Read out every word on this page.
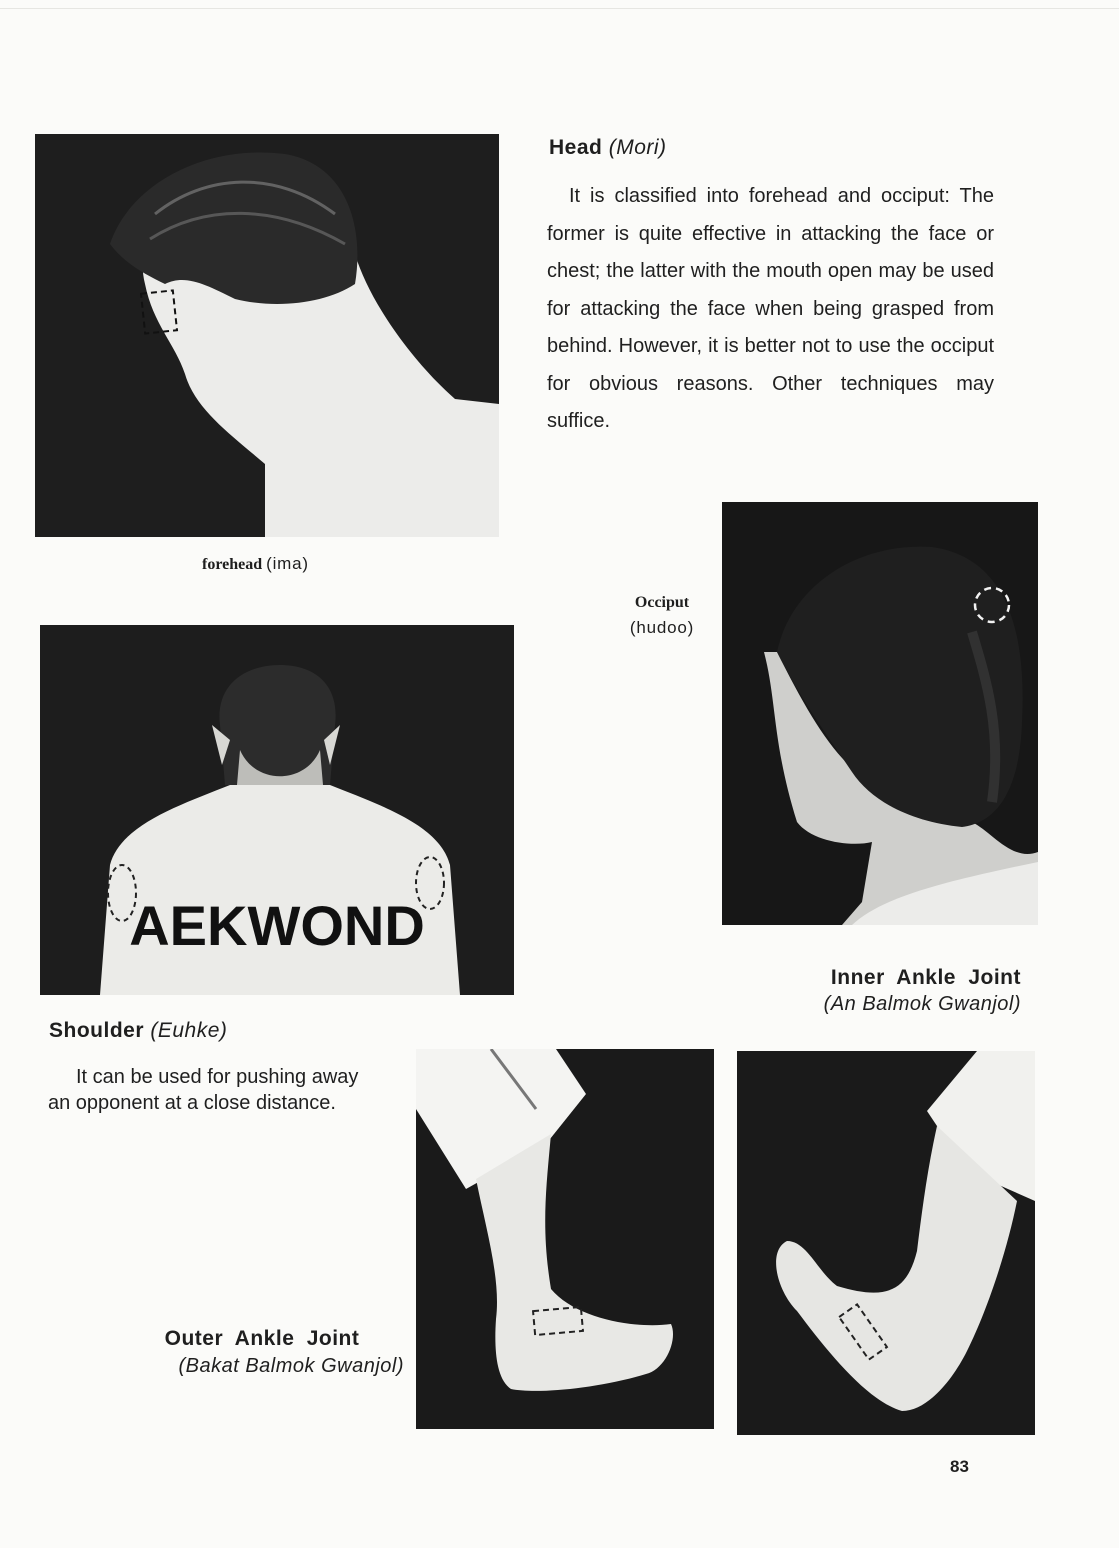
forehead (ima)
Head (Mori)

It is classified into forehead and occiput: The former is quite effective in attacking the face or chest; the latter with the mouth open may be used for attacking the face when being grasped from behind. However, it is better not to use the occiput for obvious reasons. Other techniques may suffice.

AEKWOND
Shoulder (Euhke)

It can be used for pushing away an opponent at a close distance.

Occiput
(hudoo)
Inner Ankle Joint
(An Balmok Gwanjol)
Outer Ankle Joint
(Bakat Balmok Gwanjol)
83
